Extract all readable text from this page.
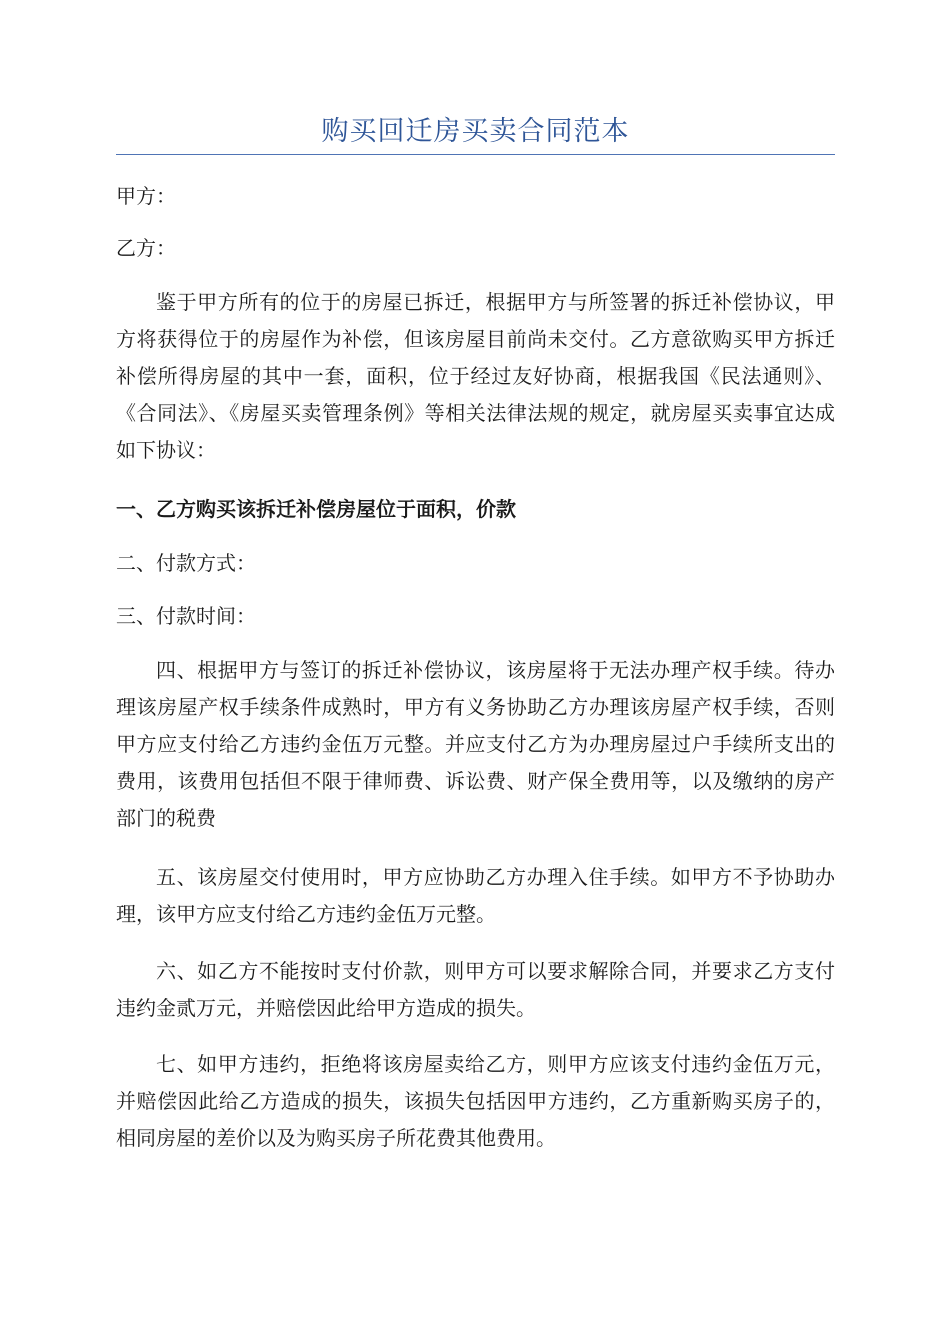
购买回迁房买卖合同范本

甲方：

乙方：

鉴于甲方所有的位于的房屋已拆迁，根据甲方与所签署的拆迁补偿协议，甲方将获得位于的房屋作为补偿，但该房屋目前尚未交付。乙方意欲购买甲方拆迁补偿所得房屋的其中一套，面积，位于经过友好协商，根据我国《民法通则》、《合同法》、《房屋买卖管理条例》等相关法律法规的规定，就房屋买卖事宜达成如下协议：

一、乙方购买该拆迁补偿房屋位于面积，价款

二、付款方式：

三、付款时间：

四、根据甲方与签订的拆迁补偿协议，该房屋将于无法办理产权手续。待办理该房屋产权手续条件成熟时，甲方有义务协助乙方办理该房屋产权手续，否则甲方应支付给乙方违约金伍万元整。并应支付乙方为办理房屋过户手续所支出的费用，该费用包括但不限于律师费、诉讼费、财产保全费用等，以及缴纳的房产部门的税费

五、该房屋交付使用时，甲方应协助乙方办理入住手续。如甲方不予协助办理，该甲方应支付给乙方违约金伍万元整。

六、如乙方不能按时支付价款，则甲方可以要求解除合同，并要求乙方支付违约金贰万元，并赔偿因此给甲方造成的损失。

七、如甲方违约，拒绝将该房屋卖给乙方，则甲方应该支付违约金伍万元，并赔偿因此给乙方造成的损失，该损失包括因甲方违约，乙方重新购买房子的，相同房屋的差价以及为购买房子所花费其他费用。
